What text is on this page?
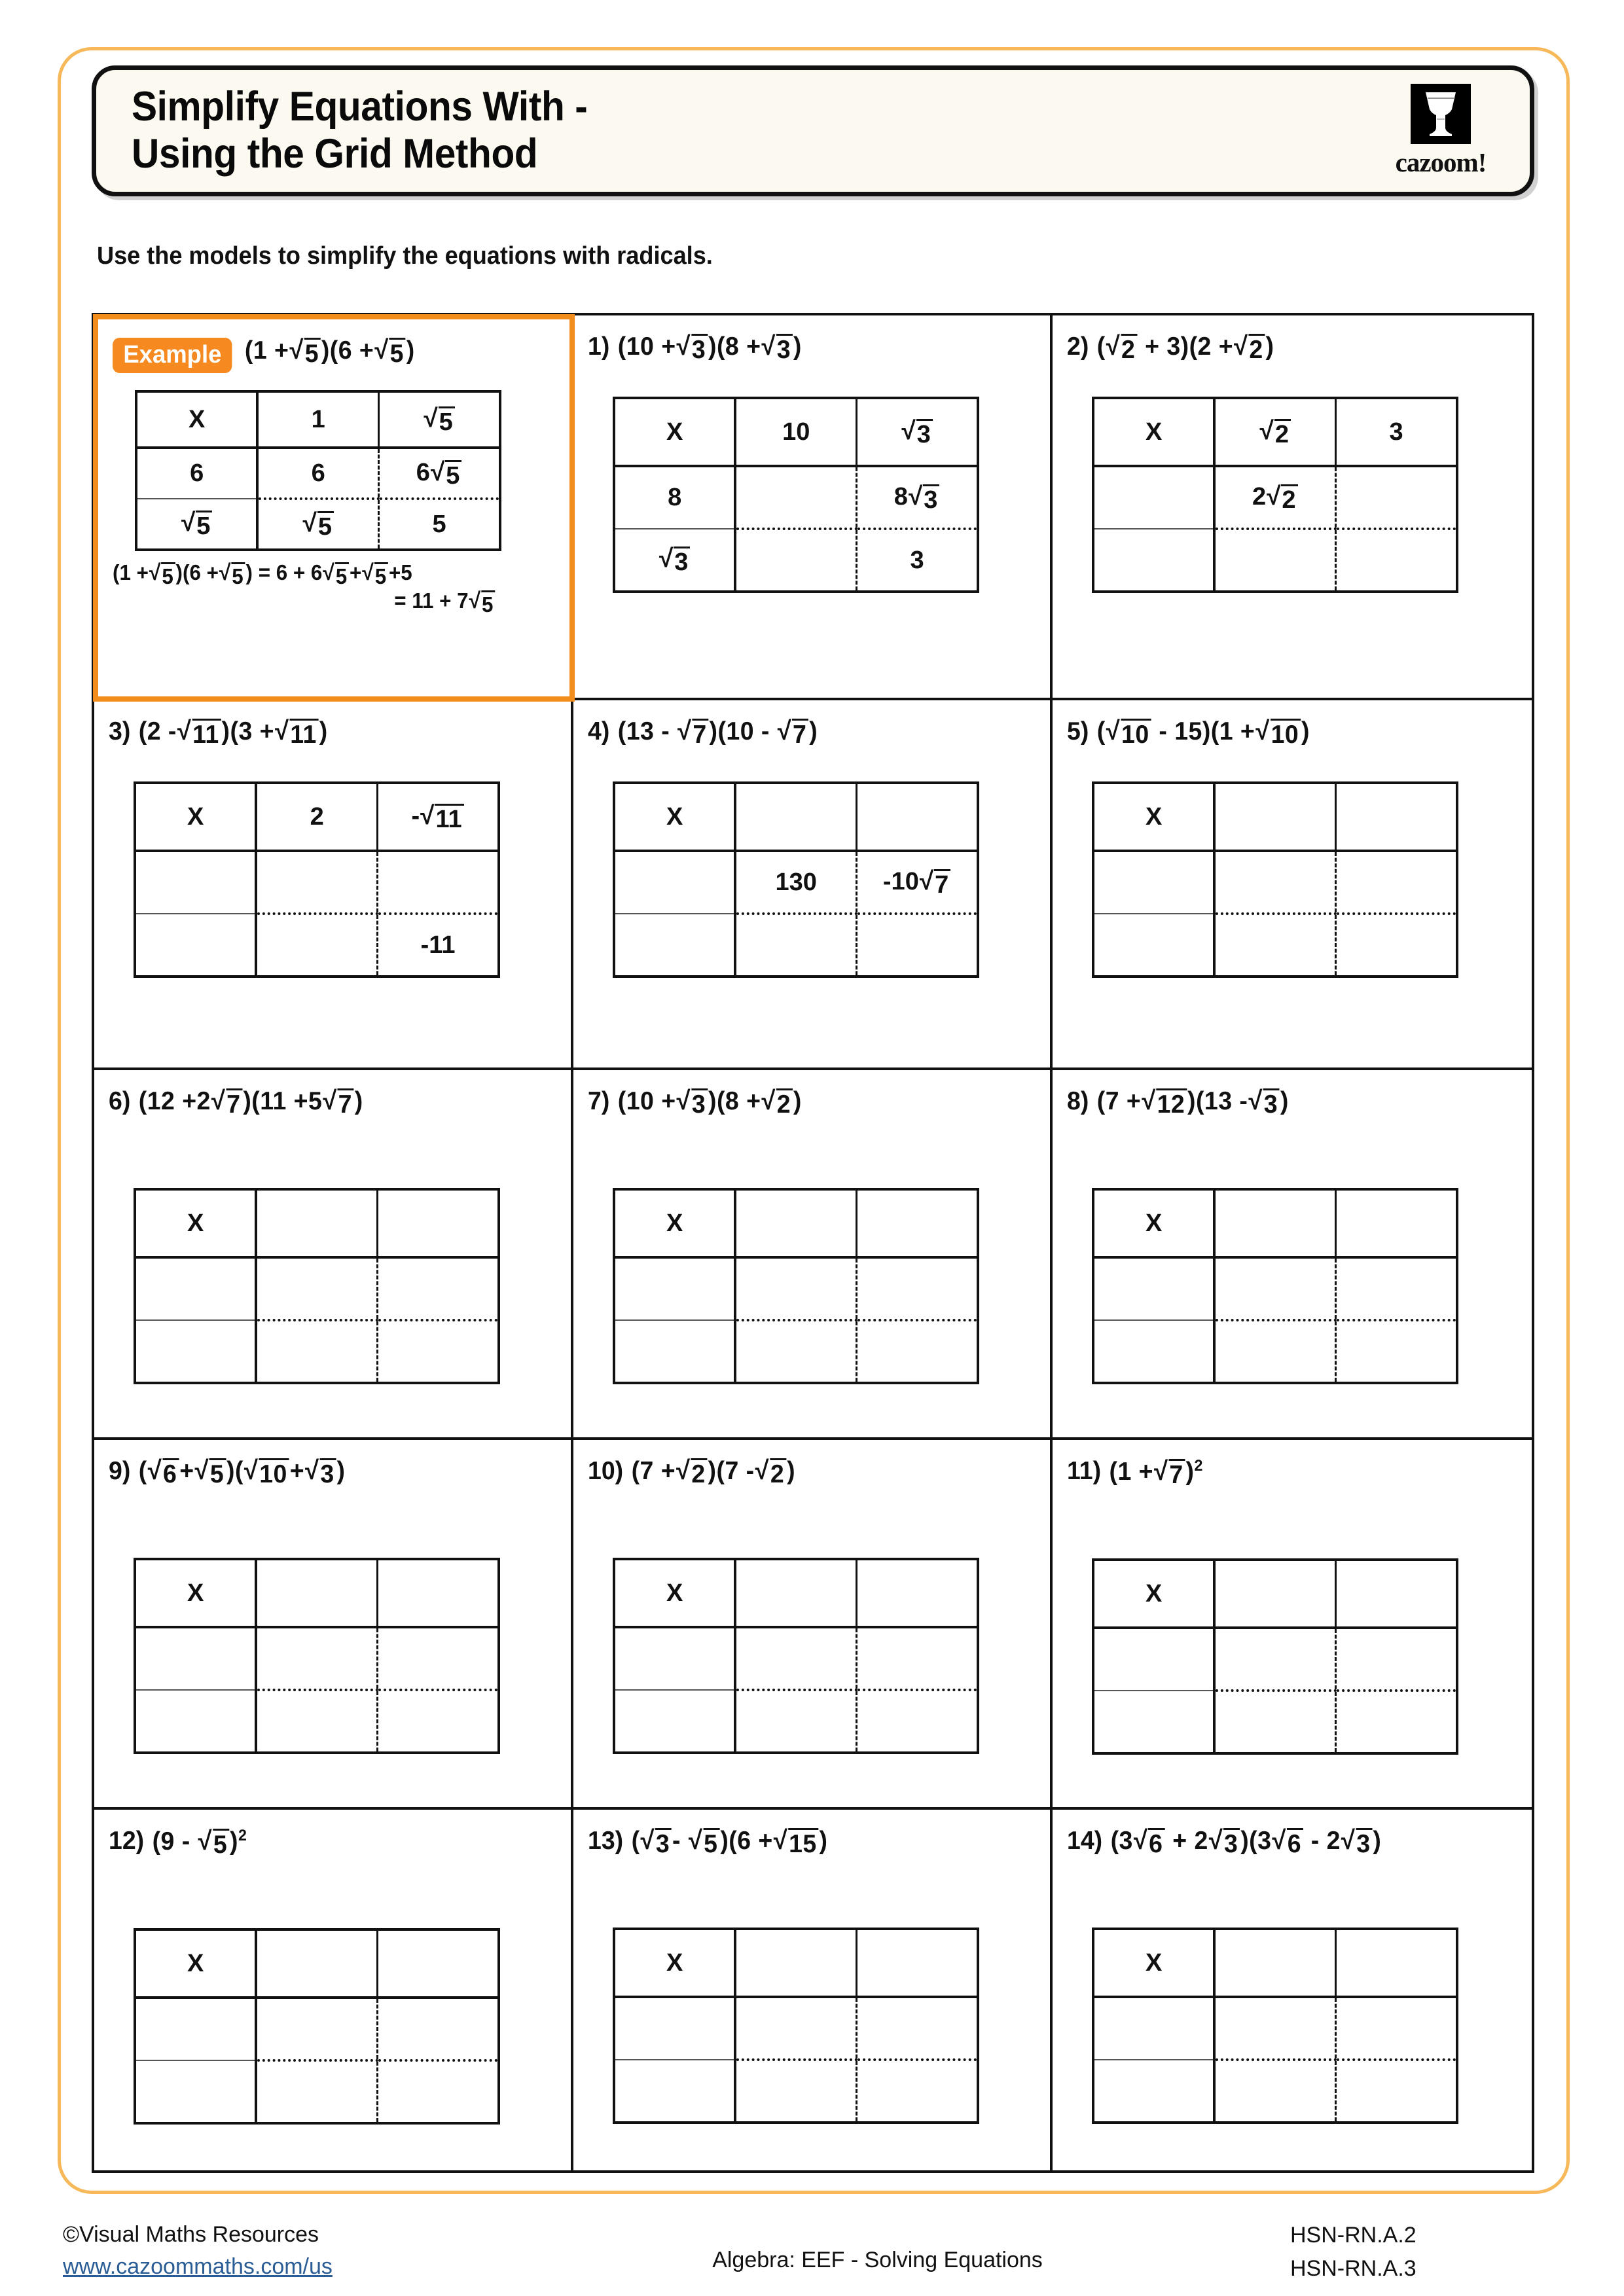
Simplify Equations With -
Using the Grid Method	cazoom!
Use the models to simplify the equations with radicals.
Example (1 + √ 5 )(6 + √ 5 )
X	1	√ 5

6	6	6 √ 5

√ 5	√ 5	5
(1 + √ 5 )(6 + √ 5 ) = 6 + 6 √ 5 + √ 5 +5
= 11 + 7 √ 5
1) (10 + √ 3 )(8 + √ 3 )
X	10	√ 3

8		8 √ 3

√ 3		3
2) ( √ 2 + 3)(2 + √ 2 )
X	√ 2	3
	2 √ 2	

3) (2 - √ 11 )(3 + √ 11 )
X	2	- √ 11

		-11
4) (13 - √ 7 )(10 - √ 7 )
X		
	130	-10 √ 7

5) ( √ 10 - 15)(1 + √ 10 )
X		

6) (12 +2 √ 7 )(11 +5 √ 7 )
X		

7) (10 + √ 3 )(8 + √ 2 )
X		

8) (7 + √ 12 )(13 - √ 3 )
X		

9) ( √ 6 + √ 5 )( √ 10 + √ 3 )
X		

10) (7 + √ 2 )(7 - √ 2 )
X		

11) (1 + √ 7 )$^2$
X		

12) (9 - √ 5 )$^2$
X		

13) ( √ 3 - √ 5 )(6 + √ 15 )
X		

14) (3 √ 6 + 2 √ 3 )(3 √ 6 - 2 √ 3 )
X		

©Visual Maths Resources
www.cazoommaths.com/us	Algebra: EEF - Solving Equations
HSN-RN.A.2
HSN-RN.A.3
